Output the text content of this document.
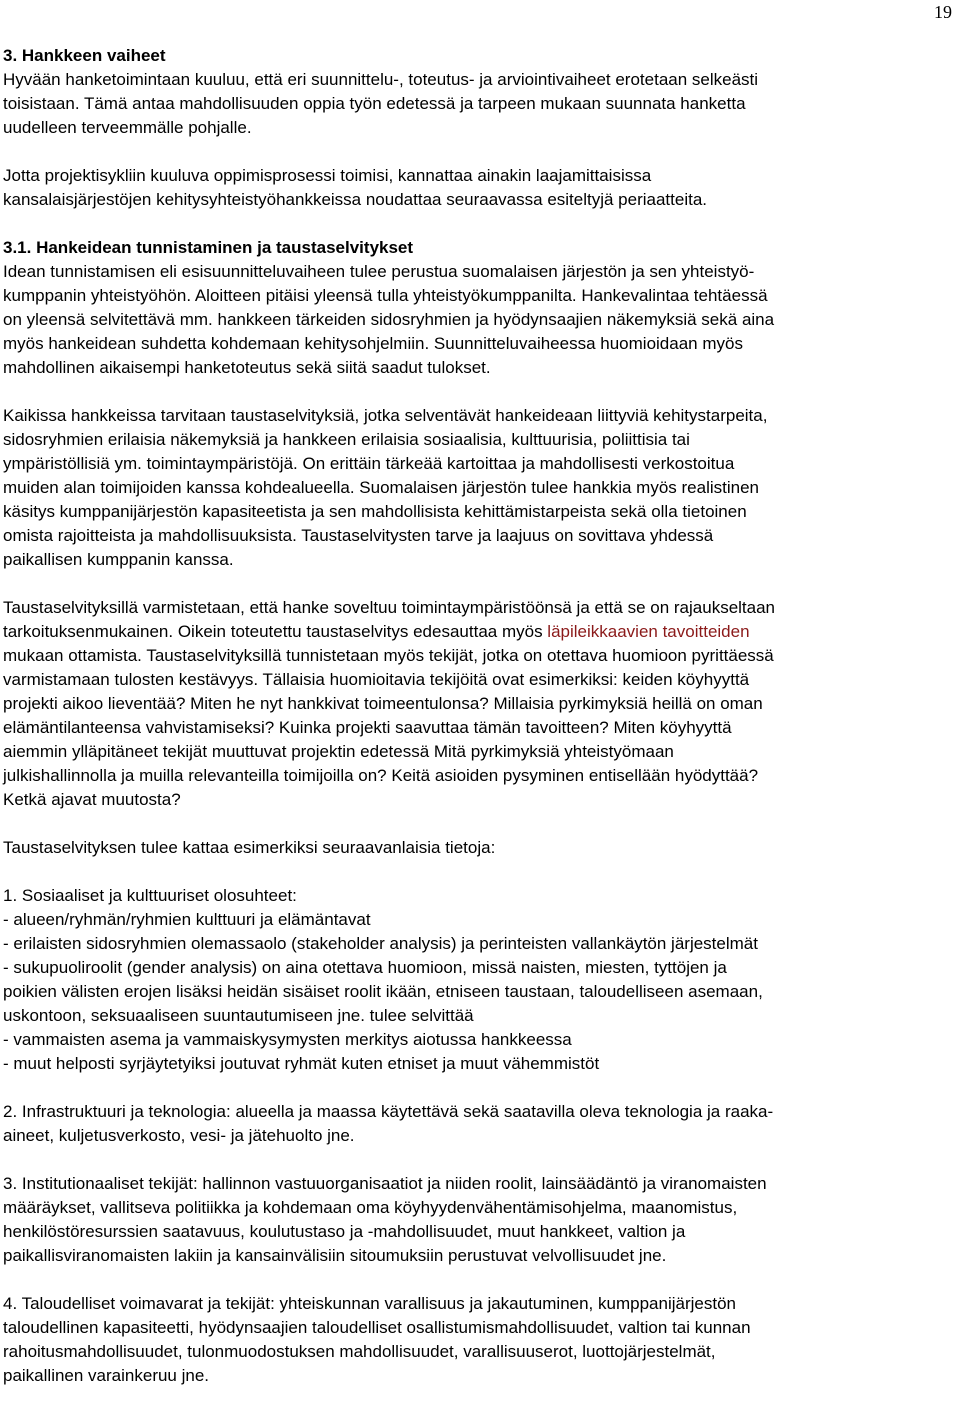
19

3. Hankkeen vaiheet

Hyvään hanketoimintaan kuuluu, että eri suunnittelu-, toteutus- ja arviointivaiheet erotetaan selkeästi
toisistaan. Tämä antaa mahdollisuuden oppia työn edetessä ja tarpeen mukaan suunnata hanketta
uudelleen terveemmälle pohjalle.

Jotta projektisykliin kuuluva oppimisprosessi toimisi, kannattaa ainakin laajamittaisissa
kansalaisjärjestöjen kehitysyhteistyöhankkeissa noudattaa seuraavassa esiteltyjä periaatteita.

3.1. Hankeidean tunnistaminen ja taustaselvitykset

Idean tunnistamisen eli esisuunnitteluvaiheen tulee perustua suomalaisen järjestön ja sen yhteistyö-
kumppanin yhteistyöhön. Aloitteen pitäisi yleensä tulla yhteistyökumppanilta. Hankevalintaa tehtäessä
on yleensä selvitettävä mm. hankkeen tärkeiden sidosryhmien ja hyödynsaajien näkemyksiä sekä aina
myös hankeidean suhdetta kohdemaan kehitysohjelmiin. Suunnitteluvaiheessa huomioidaan myös
mahdollinen aikaisempi hanketoteutus sekä siitä saadut tulokset.

Kaikissa hankkeissa tarvitaan taustaselvityksiä, jotka selventävät hankeideaan liittyviä kehitystarpeita,
sidosryhmien erilaisia näkemyksiä ja hankkeen erilaisia sosiaalisia, kulttuurisia, poliittisia tai
ympäristöllisiä ym. toimintaympäristöjä. On erittäin tärkeää kartoittaa ja mahdollisesti verkostoitua
muiden alan toimijoiden kanssa kohdealueella. Suomalaisen järjestön tulee hankkia myös realistinen
käsitys kumppanijärjestön kapasiteetista ja sen mahdollisista kehittämistarpeista sekä olla tietoinen
omista rajoitteista ja mahdollisuuksista. Taustaselvitysten tarve ja laajuus on sovittava yhdessä
paikallisen kumppanin kanssa.

Taustaselvityksillä varmistetaan, että hanke soveltuu toimintaympäristöönsä ja että se on rajaukseltaan
tarkoituksenmukainen. Oikein toteutettu taustaselvitys edesauttaa myös läpileikkaavien tavoitteiden
mukaan ottamista. Taustaselvityksillä tunnistetaan myös tekijät, jotka on otettava huomioon pyrittäessä
varmistamaan tulosten kestävyys. Tällaisia huomioitavia tekijöitä ovat esimerkiksi: keiden köyhyyttä
projekti aikoo lieventää? Miten he nyt hankkivat toimeentulonsa? Millaisia pyrkimyksiä heillä on oman
elämäntilanteensa vahvistamiseksi? Kuinka projekti saavuttaa tämän tavoitteen? Miten köyhyyttä
aiemmin ylläpitäneet tekijät muuttuvat projektin edetessä Mitä pyrkimyksiä yhteistyömaan
julkishallinnolla ja muilla relevanteilla toimijoilla on? Keitä asioiden pysyminen entisellään hyödyttää?
Ketkä ajavat muutosta?

Taustaselvityksen tulee kattaa esimerkiksi seuraavanlaisia tietoja:

1. Sosiaaliset ja kulttuuriset olosuhteet:
- alueen/ryhmän/ryhmien kulttuuri ja elämäntavat
- erilaisten sidosryhmien olemassaolo (stakeholder analysis) ja perinteisten vallankäytön järjestelmät
- sukupuoliroolit (gender analysis) on aina otettava huomioon, missä naisten, miesten, tyttöjen ja
poikien välisten erojen lisäksi heidän sisäiset roolit ikään, etniseen taustaan, taloudelliseen asemaan,
uskontoon, seksuaaliseen suuntautumiseen jne. tulee selvittää
- vammaisten asema ja vammaiskysymysten merkitys aiotussa hankkeessa
- muut helposti syrjäytetyiksi joutuvat ryhmät kuten etniset ja muut vähemmistöt

2. Infrastruktuuri ja teknologia: alueella ja maassa käytettävä sekä saatavilla oleva teknologia ja raaka-
aineet, kuljetusverkosto, vesi- ja jätehuolto jne.

3. Institutionaaliset tekijät: hallinnon vastuuorganisaatiot ja niiden roolit, lainsäädäntö ja viranomaisten
määräykset, vallitseva politiikka ja kohdemaan oma köyhyydenvähentämisohjelma, maanomistus,
henkilöstöresurssien saatavuus, koulutustaso ja -mahdollisuudet, muut hankkeet, valtion ja
paikallisviranomaisten lakiin ja kansainvälisiin sitoumuksiin perustuvat velvollisuudet jne.

4. Taloudelliset voimavarat ja tekijät: yhteiskunnan varallisuus ja jakautuminen, kumppanijärjestön
taloudellinen kapasiteetti, hyödynsaajien taloudelliset osallistumismahdollisuudet, valtion tai kunnan
rahoitusmahdollisuudet, tulonmuodostuksen mahdollisuudet, varallisuuserot, luottojärjestelmät,
paikallinen varainkeruu jne.
